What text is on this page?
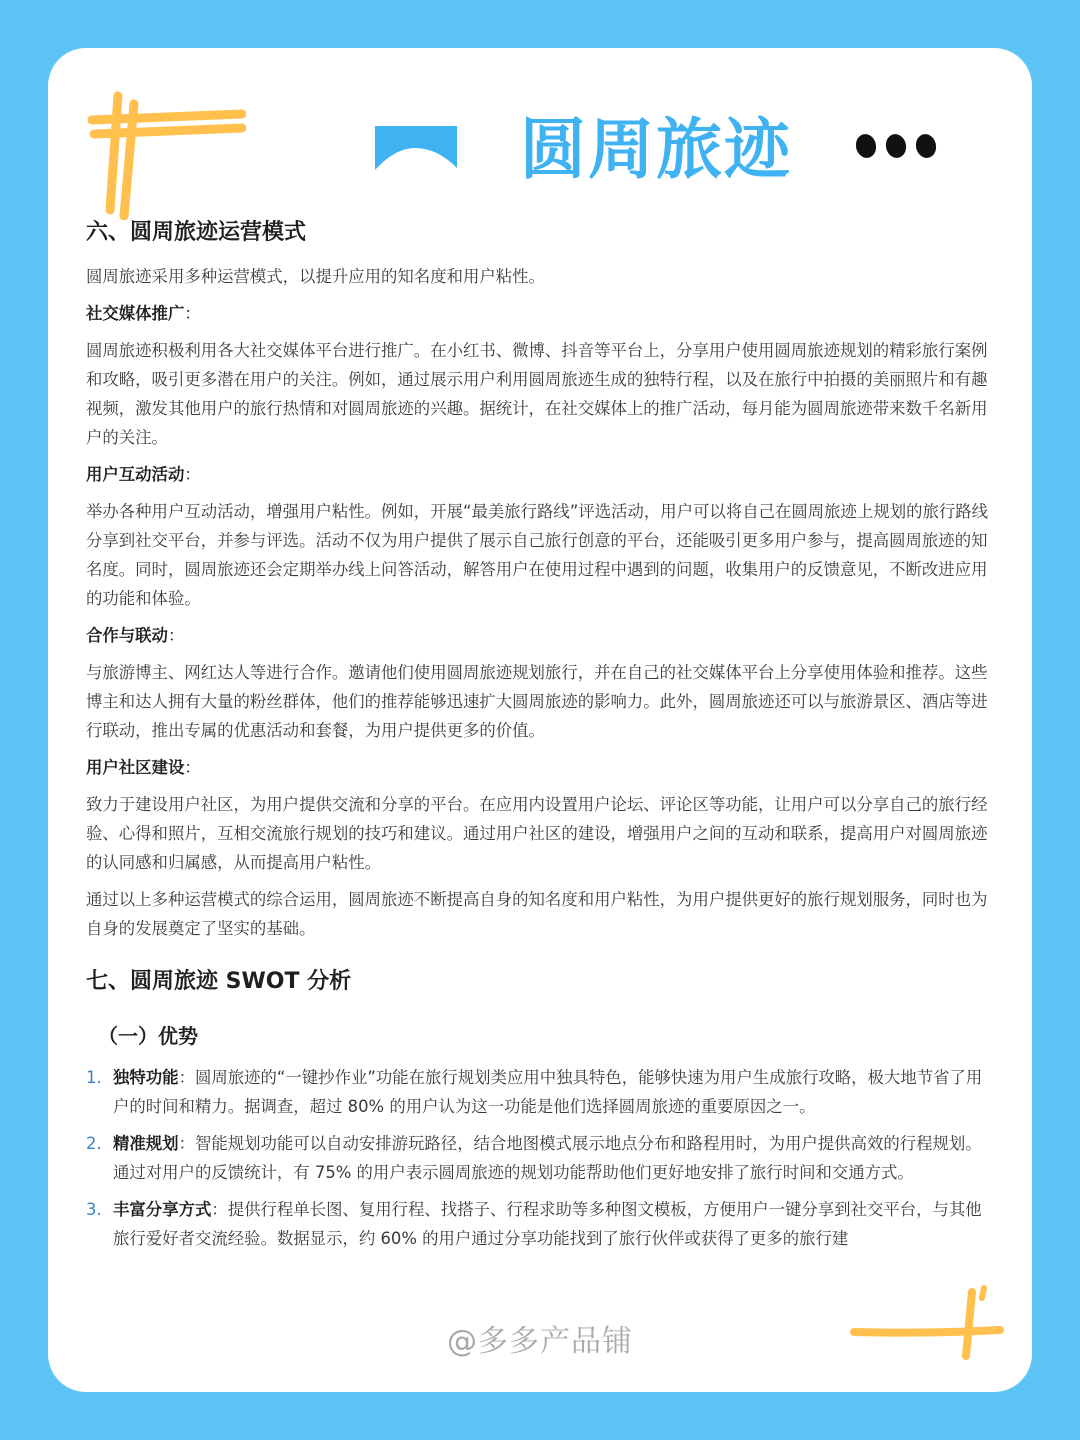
圆周旅迹
六、圆周旅迹运营模式

圆周旅迹采用多种运营模式，以提升应用的知名度和用户粘性。

社交媒体推广：

圆周旅迹积极利用各大社交媒体平台进行推广。在小红书、微博、抖音等平台上，分享用户使用圆周旅迹规划的精彩旅行案例和攻略，吸引更多潜在用户的关注。例如，通过展示用户利用圆周旅迹生成的独特行程，以及在旅行中拍摄的美丽照片和有趣视频，激发其他用户的旅行热情和对圆周旅迹的兴趣。据统计，在社交媒体上的推广活动，每月能为圆周旅迹带来数千名新用户的关注。

用户互动活动：

举办各种用户互动活动，增强用户粘性。例如，开展“最美旅行路线”评选活动，用户可以将自己在圆周旅迹上规划的旅行路线分享到社交平台，并参与评选。活动不仅为用户提供了展示自己旅行创意的平台，还能吸引更多用户参与，提高圆周旅迹的知名度。同时，圆周旅迹还会定期举办线上问答活动，解答用户在使用过程中遇到的问题，收集用户的反馈意见，不断改进应用的功能和体验。

合作与联动：

与旅游博主、网红达人等进行合作。邀请他们使用圆周旅迹规划旅行，并在自己的社交媒体平台上分享使用体验和推荐。这些博主和达人拥有大量的粉丝群体，他们的推荐能够迅速扩大圆周旅迹的影响力。此外，圆周旅迹还可以与旅游景区、酒店等进行联动，推出专属的优惠活动和套餐，为用户提供更多的价值。

用户社区建设：

致力于建设用户社区，为用户提供交流和分享的平台。在应用内设置用户论坛、评论区等功能，让用户可以分享自己的旅行经验、心得和照片，互相交流旅行规划的技巧和建议。通过用户社区的建设，增强用户之间的互动和联系，提高用户对圆周旅迹的认同感和归属感，从而提高用户粘性。

通过以上多种运营模式的综合运用，圆周旅迹不断提高自身的知名度和用户粘性，为用户提供更好的旅行规划服务，同时也为自身的发展奠定了坚实的基础。

七、圆周旅迹 SWOT 分析
（一）优势
1. 独特功能：圆周旅迹的“一键抄作业”功能在旅行规划类应用中独具特色，能够快速为用户生成旅行攻略，极大地节省了用户的时间和精力。据调查，超过 80% 的用户认为这一功能是他们选择圆周旅迹的重要原因之一。
2. 精准规划：智能规划功能可以自动安排游玩路径，结合地图模式展示地点分布和路程用时，为用户提供高效的行程规划。通过对用户的反馈统计，有 75% 的用户表示圆周旅迹的规划功能帮助他们更好地安排了旅行时间和交通方式。
3. 丰富分享方式：提供行程单长图、复用行程、找搭子、行程求助等多种图文模板，方便用户一键分享到社交平台，与其他旅行爱好者交流经验。数据显示，约 60% 的用户通过分享功能找到了旅行伙伴或获得了更多的旅行建
@多多产品铺
